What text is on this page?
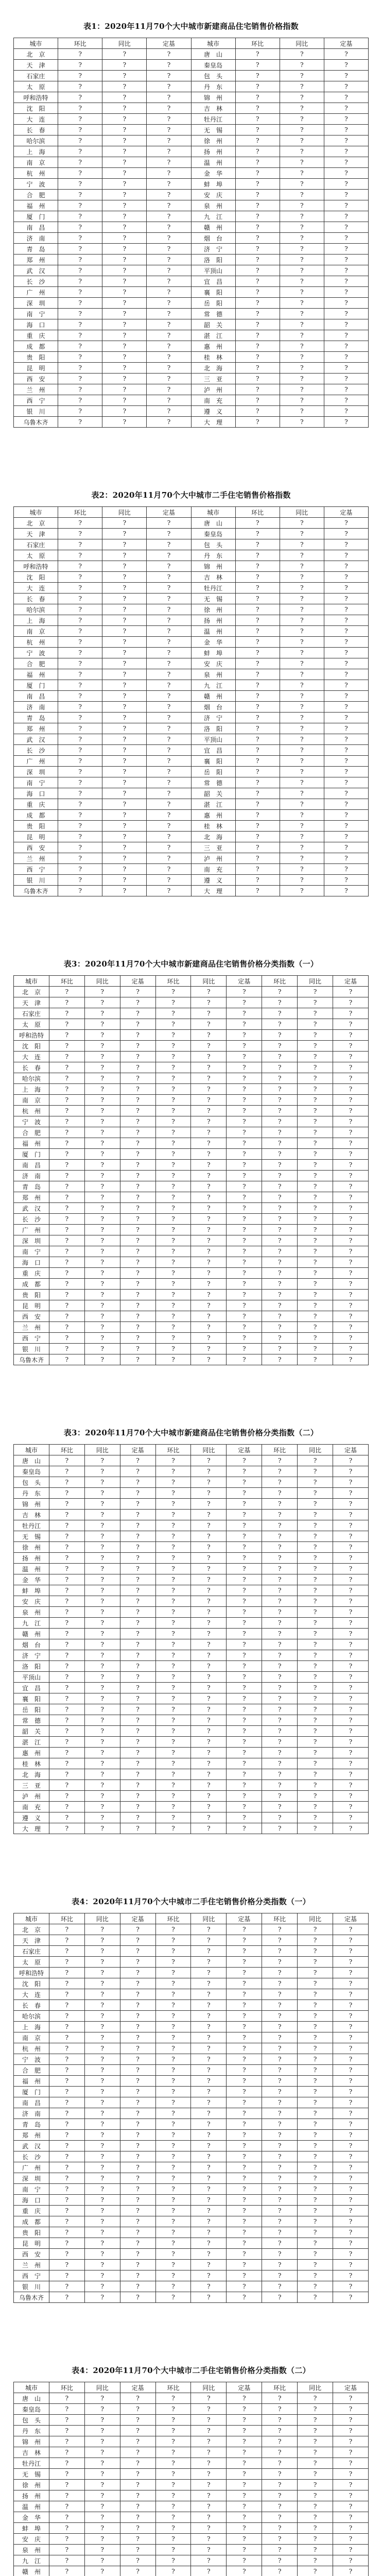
表1：2020年11月70个大中城市新建商品住宅销售价格指数
城市	环比	同比	定基	城市	环比	同比	定基
北　京	?	?	?	唐　山	?	?	?
天　津	?	?	?	秦皇岛	?	?	?
石家庄	?	?	?	包　头	?	?	?
太　原	?	?	?	丹　东	?	?	?
呼和浩特	?	?	?	锦　州	?	?	?
沈　阳	?	?	?	吉　林	?	?	?
大　连	?	?	?	牡丹江	?	?	?
长　春	?	?	?	无　锡	?	?	?
哈尔滨	?	?	?	徐　州	?	?	?
上　海	?	?	?	扬　州	?	?	?
南　京	?	?	?	温　州	?	?	?
杭　州	?	?	?	金　华	?	?	?
宁　波	?	?	?	蚌　埠	?	?	?
合　肥	?	?	?	安　庆	?	?	?
福　州	?	?	?	泉　州	?	?	?
厦　门	?	?	?	九　江	?	?	?
南　昌	?	?	?	赣　州	?	?	?
济　南	?	?	?	烟　台	?	?	?
青　岛	?	?	?	济　宁	?	?	?
郑　州	?	?	?	洛　阳	?	?	?
武　汉	?	?	?	平顶山	?	?	?
长　沙	?	?	?	宜　昌	?	?	?
广　州	?	?	?	襄　阳	?	?	?
深　圳	?	?	?	岳　阳	?	?	?
南　宁	?	?	?	常　德	?	?	?
海　口	?	?	?	韶　关	?	?	?
重　庆	?	?	?	湛　江	?	?	?
成　都	?	?	?	惠　州	?	?	?
贵　阳	?	?	?	桂　林	?	?	?
昆　明	?	?	?	北　海	?	?	?
西　安	?	?	?	三　亚	?	?	?
兰　州	?	?	?	泸　州	?	?	?
西　宁	?	?	?	南　充	?	?	?
银　川	?	?	?	遵　义	?	?	?
乌鲁木齐	?	?	?	大　理	?	?	?
表2：2020年11月70个大中城市二手住宅销售价格指数
城市	环比	同比	定基	城市	环比	同比	定基
北　京	?	?	?	唐　山	?	?	?
天　津	?	?	?	秦皇岛	?	?	?
石家庄	?	?	?	包　头	?	?	?
太　原	?	?	?	丹　东	?	?	?
呼和浩特	?	?	?	锦　州	?	?	?
沈　阳	?	?	?	吉　林	?	?	?
大　连	?	?	?	牡丹江	?	?	?
长　春	?	?	?	无　锡	?	?	?
哈尔滨	?	?	?	徐　州	?	?	?
上　海	?	?	?	扬　州	?	?	?
南　京	?	?	?	温　州	?	?	?
杭　州	?	?	?	金　华	?	?	?
宁　波	?	?	?	蚌　埠	?	?	?
合　肥	?	?	?	安　庆	?	?	?
福　州	?	?	?	泉　州	?	?	?
厦　门	?	?	?	九　江	?	?	?
南　昌	?	?	?	赣　州	?	?	?
济　南	?	?	?	烟　台	?	?	?
青　岛	?	?	?	济　宁	?	?	?
郑　州	?	?	?	洛　阳	?	?	?
武　汉	?	?	?	平顶山	?	?	?
长　沙	?	?	?	宜　昌	?	?	?
广　州	?	?	?	襄　阳	?	?	?
深　圳	?	?	?	岳　阳	?	?	?
南　宁	?	?	?	常　德	?	?	?
海　口	?	?	?	韶　关	?	?	?
重　庆	?	?	?	湛　江	?	?	?
成　都	?	?	?	惠　州	?	?	?
贵　阳	?	?	?	桂　林	?	?	?
昆　明	?	?	?	北　海	?	?	?
西　安	?	?	?	三　亚	?	?	?
兰　州	?	?	?	泸　州	?	?	?
西　宁	?	?	?	南　充	?	?	?
银　川	?	?	?	遵　义	?	?	?
乌鲁木齐	?	?	?	大　理	?	?	?
表3：2020年11月70个大中城市新建商品住宅销售价格分类指数（一）
城市	环比	同比	定基	环比	同比	定基	环比	同比	定基
北　京	?	?	?	?	?	?	?	?	?
天　津	?	?	?	?	?	?	?	?	?
石家庄	?	?	?	?	?	?	?	?	?
太　原	?	?	?	?	?	?	?	?	?
呼和浩特	?	?	?	?	?	?	?	?	?
沈　阳	?	?	?	?	?	?	?	?	?
大　连	?	?	?	?	?	?	?	?	?
长　春	?	?	?	?	?	?	?	?	?
哈尔滨	?	?	?	?	?	?	?	?	?
上　海	?	?	?	?	?	?	?	?	?
南　京	?	?	?	?	?	?	?	?	?
杭　州	?	?	?	?	?	?	?	?	?
宁　波	?	?	?	?	?	?	?	?	?
合　肥	?	?	?	?	?	?	?	?	?
福　州	?	?	?	?	?	?	?	?	?
厦　门	?	?	?	?	?	?	?	?	?
南　昌	?	?	?	?	?	?	?	?	?
济　南	?	?	?	?	?	?	?	?	?
青　岛	?	?	?	?	?	?	?	?	?
郑　州	?	?	?	?	?	?	?	?	?
武　汉	?	?	?	?	?	?	?	?	?
长　沙	?	?	?	?	?	?	?	?	?
广　州	?	?	?	?	?	?	?	?	?
深　圳	?	?	?	?	?	?	?	?	?
南　宁	?	?	?	?	?	?	?	?	?
海　口	?	?	?	?	?	?	?	?	?
重　庆	?	?	?	?	?	?	?	?	?
成　都	?	?	?	?	?	?	?	?	?
贵　阳	?	?	?	?	?	?	?	?	?
昆　明	?	?	?	?	?	?	?	?	?
西　安	?	?	?	?	?	?	?	?	?
兰　州	?	?	?	?	?	?	?	?	?
西　宁	?	?	?	?	?	?	?	?	?
银　川	?	?	?	?	?	?	?	?	?
乌鲁木齐	?	?	?	?	?	?	?	?	?
表3：2020年11月70个大中城市新建商品住宅销售价格分类指数（二）
城市	环比	同比	定基	环比	同比	定基	环比	同比	定基
唐　山	?	?	?	?	?	?	?	?	?
秦皇岛	?	?	?	?	?	?	?	?	?
包　头	?	?	?	?	?	?	?	?	?
丹　东	?	?	?	?	?	?	?	?	?
锦　州	?	?	?	?	?	?	?	?	?
吉　林	?	?	?	?	?	?	?	?	?
牡丹江	?	?	?	?	?	?	?	?	?
无　锡	?	?	?	?	?	?	?	?	?
徐　州	?	?	?	?	?	?	?	?	?
扬　州	?	?	?	?	?	?	?	?	?
温　州	?	?	?	?	?	?	?	?	?
金　华	?	?	?	?	?	?	?	?	?
蚌　埠	?	?	?	?	?	?	?	?	?
安　庆	?	?	?	?	?	?	?	?	?
泉　州	?	?	?	?	?	?	?	?	?
九　江	?	?	?	?	?	?	?	?	?
赣　州	?	?	?	?	?	?	?	?	?
烟　台	?	?	?	?	?	?	?	?	?
济　宁	?	?	?	?	?	?	?	?	?
洛　阳	?	?	?	?	?	?	?	?	?
平顶山	?	?	?	?	?	?	?	?	?
宜　昌	?	?	?	?	?	?	?	?	?
襄　阳	?	?	?	?	?	?	?	?	?
岳　阳	?	?	?	?	?	?	?	?	?
常　德	?	?	?	?	?	?	?	?	?
韶　关	?	?	?	?	?	?	?	?	?
湛　江	?	?	?	?	?	?	?	?	?
惠　州	?	?	?	?	?	?	?	?	?
桂　林	?	?	?	?	?	?	?	?	?
北　海	?	?	?	?	?	?	?	?	?
三　亚	?	?	?	?	?	?	?	?	?
泸　州	?	?	?	?	?	?	?	?	?
南　充	?	?	?	?	?	?	?	?	?
遵　义	?	?	?	?	?	?	?	?	?
大　理	?	?	?	?	?	?	?	?	?
表4：2020年11月70个大中城市二手住宅销售价格分类指数（一）
城市	环比	同比	定基	环比	同比	定基	环比	同比	定基
北　京	?	?	?	?	?	?	?	?	?
天　津	?	?	?	?	?	?	?	?	?
石家庄	?	?	?	?	?	?	?	?	?
太　原	?	?	?	?	?	?	?	?	?
呼和浩特	?	?	?	?	?	?	?	?	?
沈　阳	?	?	?	?	?	?	?	?	?
大　连	?	?	?	?	?	?	?	?	?
长　春	?	?	?	?	?	?	?	?	?
哈尔滨	?	?	?	?	?	?	?	?	?
上　海	?	?	?	?	?	?	?	?	?
南　京	?	?	?	?	?	?	?	?	?
杭　州	?	?	?	?	?	?	?	?	?
宁　波	?	?	?	?	?	?	?	?	?
合　肥	?	?	?	?	?	?	?	?	?
福　州	?	?	?	?	?	?	?	?	?
厦　门	?	?	?	?	?	?	?	?	?
南　昌	?	?	?	?	?	?	?	?	?
济　南	?	?	?	?	?	?	?	?	?
青　岛	?	?	?	?	?	?	?	?	?
郑　州	?	?	?	?	?	?	?	?	?
武　汉	?	?	?	?	?	?	?	?	?
长　沙	?	?	?	?	?	?	?	?	?
广　州	?	?	?	?	?	?	?	?	?
深　圳	?	?	?	?	?	?	?	?	?
南　宁	?	?	?	?	?	?	?	?	?
海　口	?	?	?	?	?	?	?	?	?
重　庆	?	?	?	?	?	?	?	?	?
成　都	?	?	?	?	?	?	?	?	?
贵　阳	?	?	?	?	?	?	?	?	?
昆　明	?	?	?	?	?	?	?	?	?
西　安	?	?	?	?	?	?	?	?	?
兰　州	?	?	?	?	?	?	?	?	?
西　宁	?	?	?	?	?	?	?	?	?
银　川	?	?	?	?	?	?	?	?	?
乌鲁木齐	?	?	?	?	?	?	?	?	?
表4：2020年11月70个大中城市二手住宅销售价格分类指数（二）
城市	环比	同比	定基	环比	同比	定基	环比	同比	定基
唐　山	?	?	?	?	?	?	?	?	?
秦皇岛	?	?	?	?	?	?	?	?	?
包　头	?	?	?	?	?	?	?	?	?
丹　东	?	?	?	?	?	?	?	?	?
锦　州	?	?	?	?	?	?	?	?	?
吉　林	?	?	?	?	?	?	?	?	?
牡丹江	?	?	?	?	?	?	?	?	?
无　锡	?	?	?	?	?	?	?	?	?
徐　州	?	?	?	?	?	?	?	?	?
扬　州	?	?	?	?	?	?	?	?	?
温　州	?	?	?	?	?	?	?	?	?
金　华	?	?	?	?	?	?	?	?	?
蚌　埠	?	?	?	?	?	?	?	?	?
安　庆	?	?	?	?	?	?	?	?	?
泉　州	?	?	?	?	?	?	?	?	?
九　江	?	?	?	?	?	?	?	?	?
赣　州	?	?	?	?	?	?	?	?	?
